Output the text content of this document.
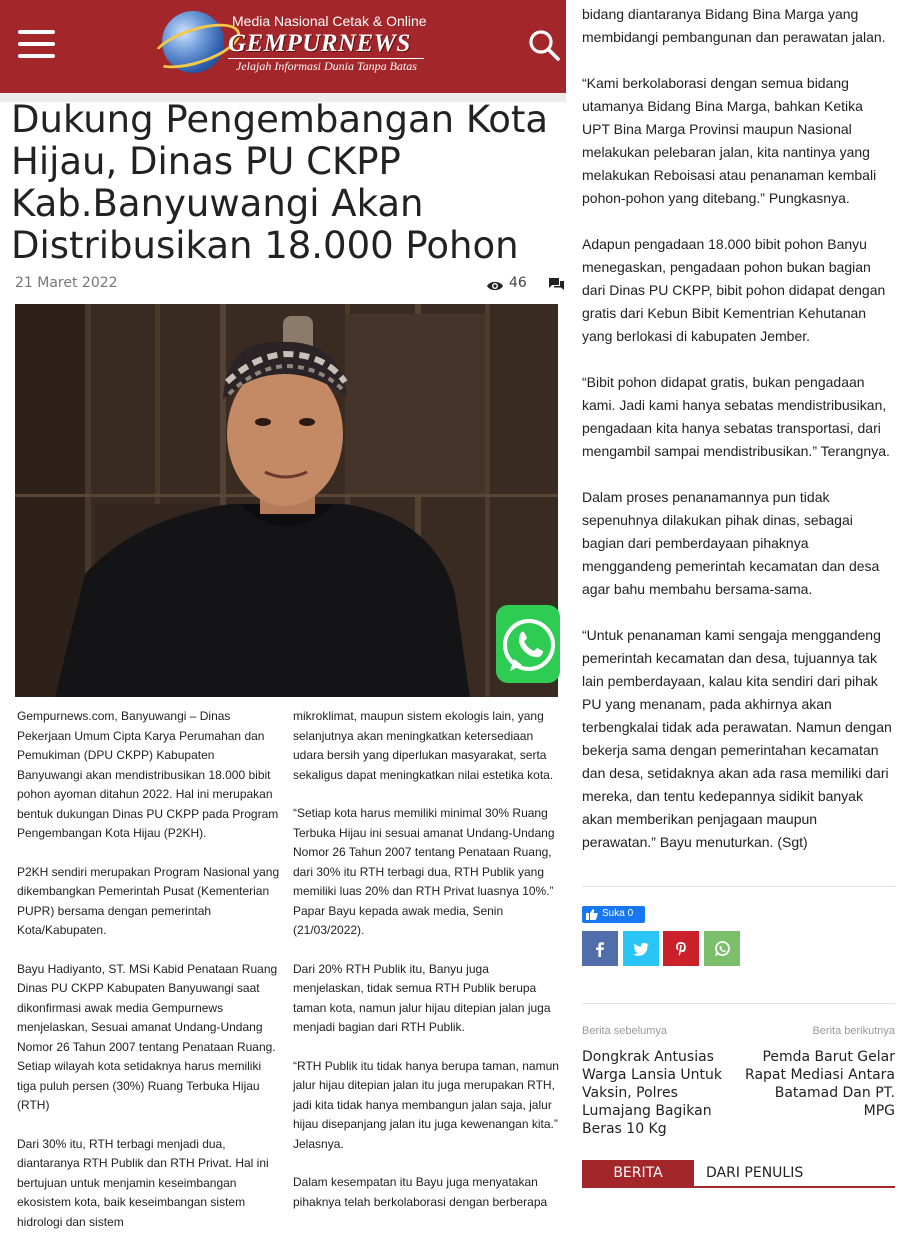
Media Nasional Cetak & Online
GEMPURNEWS
Jelajah Informasi Dunia Tanpa Batas
Dukung Pengembangan Kota Hijau, Dinas PU CKPP Kab.Banyuwangi Akan Distribusikan 18.000 Pohon
21 Maret 2022	46

Gempurnews.com, Banyuwangi – Dinas Pekerjaan Umum Cipta Karya Perumahan dan Pemukiman (DPU CKPP) Kabupaten Banyuwangi akan mendistribusikan 18.000 bibit pohon ayoman ditahun 2022. Hal ini merupakan bentuk dukungan Dinas PU CKPP pada Program Pengembangan Kota Hijau (P2KH).

P2KH sendiri merupakan Program Nasional yang dikembangkan Pemerintah Pusat (Kementerian PUPR) bersama dengan pemerintah Kota/Kabupaten.

Bayu Hadiyanto, ST. MSi Kabid Penataan Ruang Dinas PU CKPP Kabupaten Banyuwangi saat dikonfirmasi awak media Gempurnews menjelaskan, Sesuai amanat Undang-Undang Nomor 26 Tahun 2007 tentang Penataan Ruang. Setiap wilayah kota setidaknya harus memiliki tiga puluh persen (30%) Ruang Terbuka Hijau (RTH)

Dari 30% itu, RTH terbagi menjadi dua, diantaranya RTH Publik dan RTH Privat. Hal ini bertujuan untuk menjamin keseimbangan ekosistem kota, baik keseimbangan sistem hidrologi dan sistem

mikroklimat, maupun sistem ekologis lain, yang selanjutnya akan meningkatkan ketersediaan udara bersih yang diperlukan masyarakat, serta sekaligus dapat meningkatkan nilai estetika kota.

“Setiap kota harus memiliki minimal 30% Ruang Terbuka Hijau ini sesuai amanat Undang-Undang Nomor 26 Tahun 2007 tentang Penataan Ruang, dari 30% itu RTH terbagi dua, RTH Publik yang memiliki luas 20% dan RTH Privat luasnya 10%.” Papar Bayu kepada awak media, Senin (21/03/2022).

Dari 20% RTH Publik itu, Banyu juga menjelaskan, tidak semua RTH Publik berupa taman kota, namun jalur hijau ditepian jalan juga menjadi bagian dari RTH Publik.

“RTH Publik itu tidak hanya berupa taman, namun jalur hijau ditepian jalan itu juga merupakan RTH, jadi kita tidak hanya membangun jalan saja, jalur hijau disepanjang jalan itu juga kewenangan kita.” Jelasnya.

Dalam kesempatan itu Bayu juga menyatakan pihaknya telah berkolaborasi dengan berberapa

bidang diantaranya Bidang Bina Marga yang membidangi pembangunan dan perawatan jalan.

“Kami berkolaborasi dengan semua bidang utamanya Bidang Bina Marga, bahkan Ketika UPT Bina Marga Provinsi maupun Nasional melakukan pelebaran jalan, kita nantinya yang melakukan Reboisasi atau penanaman kembali pohon-pohon yang ditebang.” Pungkasnya.

Adapun pengadaan 18.000 bibit pohon Banyu menegaskan, pengadaan pohon bukan bagian dari Dinas PU CKPP, bibit pohon didapat dengan gratis dari Kebun Bibit Kementrian Kehutanan yang berlokasi di kabupaten Jember.

“Bibit pohon didapat gratis, bukan pengadaan kami. Jadi kami hanya sebatas mendistribusikan, pengadaan kita hanya sebatas transportasi, dari mengambil sampai mendistribusikan.” Terangnya.

Dalam proses penanamannya pun tidak sepenuhnya dilakukan pihak dinas, sebagai bagian dari pemberdayaan pihaknya menggandeng pemerintah kecamatan dan desa agar bahu membahu bersama-sama.

“Untuk penanaman kami sengaja menggandeng pemerintah kecamatan dan desa, tujuannya tak lain pemberdayaan, kalau kita sendiri dari pihak PU yang menanam, pada akhirnya akan terbengkalai tidak ada perawatan. Namun dengan bekerja sama dengan pemerintahan kecamatan dan desa, setidaknya akan ada rasa memiliki dari mereka, dan tentu kedepannya sidikit banyak akan memberikan penjagaan maupun perawatan.” Bayu menuturkan. (Sgt)

Suka 0
Berita sebelumya	Berita berikutnya
Dongkrak Antusias Warga Lansia Untuk Vaksin, Polres Lumajang Bagikan Beras 10 Kg
Pemda Barut Gelar Rapat Mediasi Antara Batamad Dan PT. MPG
BERITA TERKAIT
DARI PENULIS
